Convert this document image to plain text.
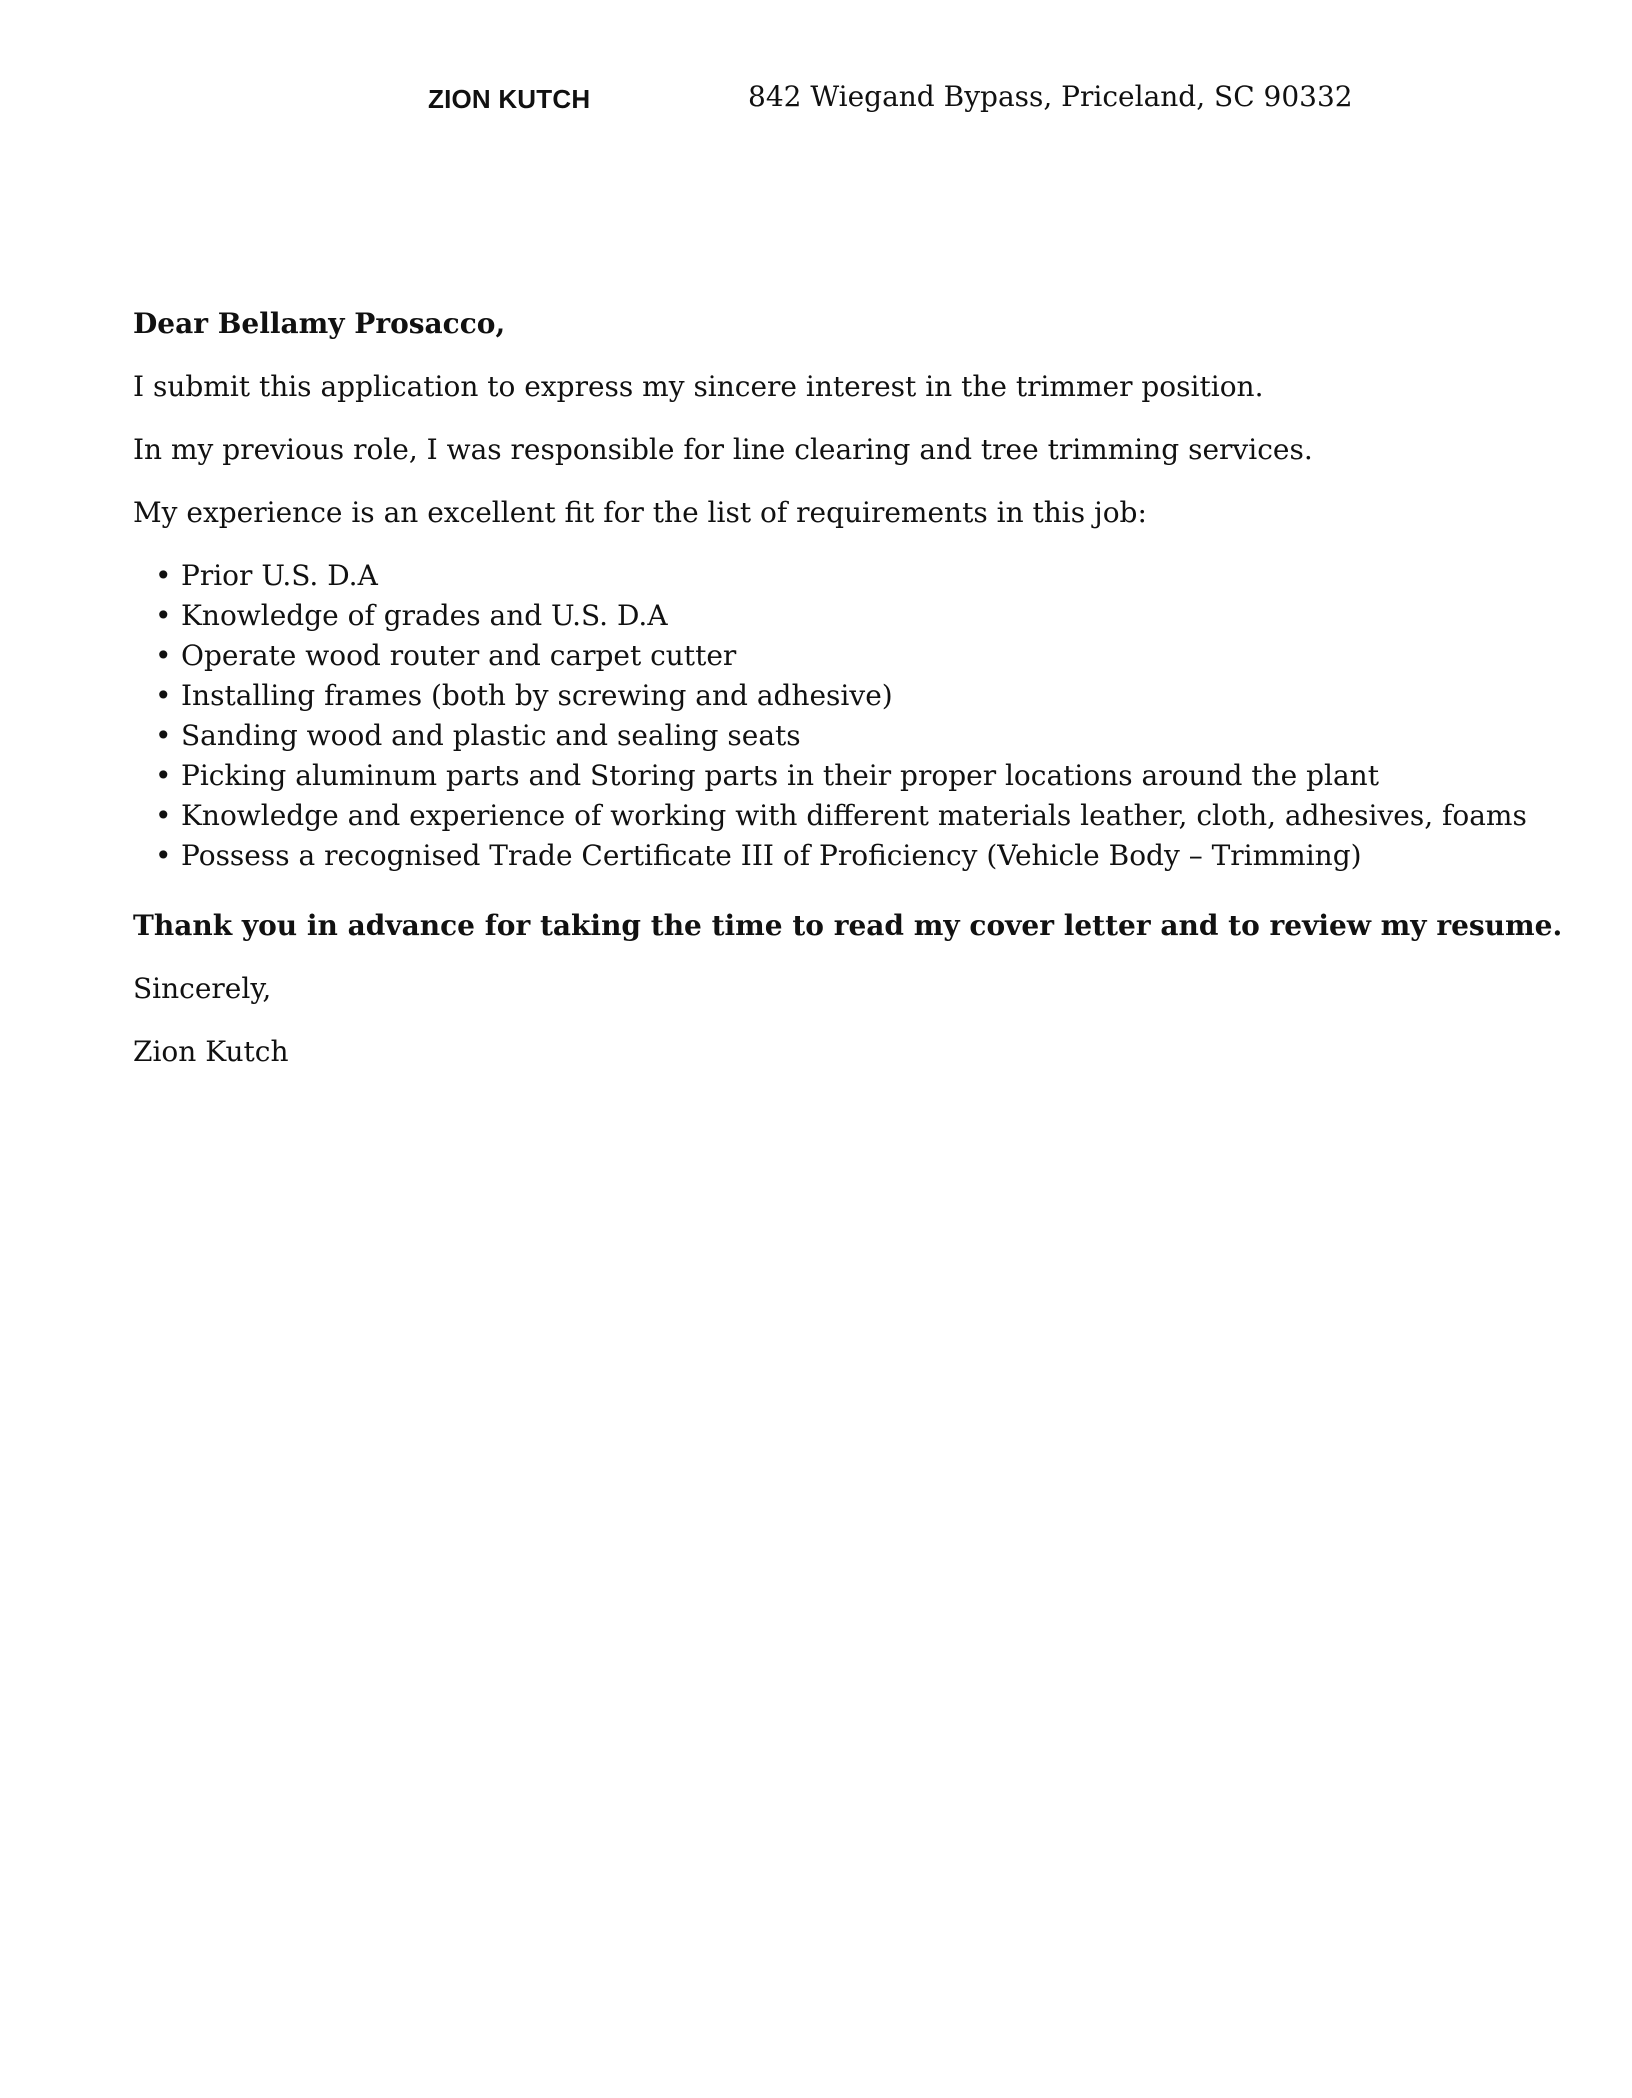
ZION KUTCH	842 Wiegand Bypass, Priceland, SC 90332

Dear Bellamy Prosacco,

I submit this application to express my sincere interest in the trimmer position.

In my previous role, I was responsible for line clearing and tree trimming services.

My experience is an excellent fit for the list of requirements in this job:

• Prior U.S. D.A
• Knowledge of grades and U.S. D.A
• Operate wood router and carpet cutter
• Installing frames (both by screwing and adhesive)
• Sanding wood and plastic and sealing seats
• Picking aluminum parts and Storing parts in their proper locations around the plant
• Knowledge and experience of working with different materials leather, cloth, adhesives, foams
• Possess a recognised Trade Certificate III of Proficiency (Vehicle Body – Trimming)

Thank you in advance for taking the time to read my cover letter and to review my resume.

Sincerely,

Zion Kutch
